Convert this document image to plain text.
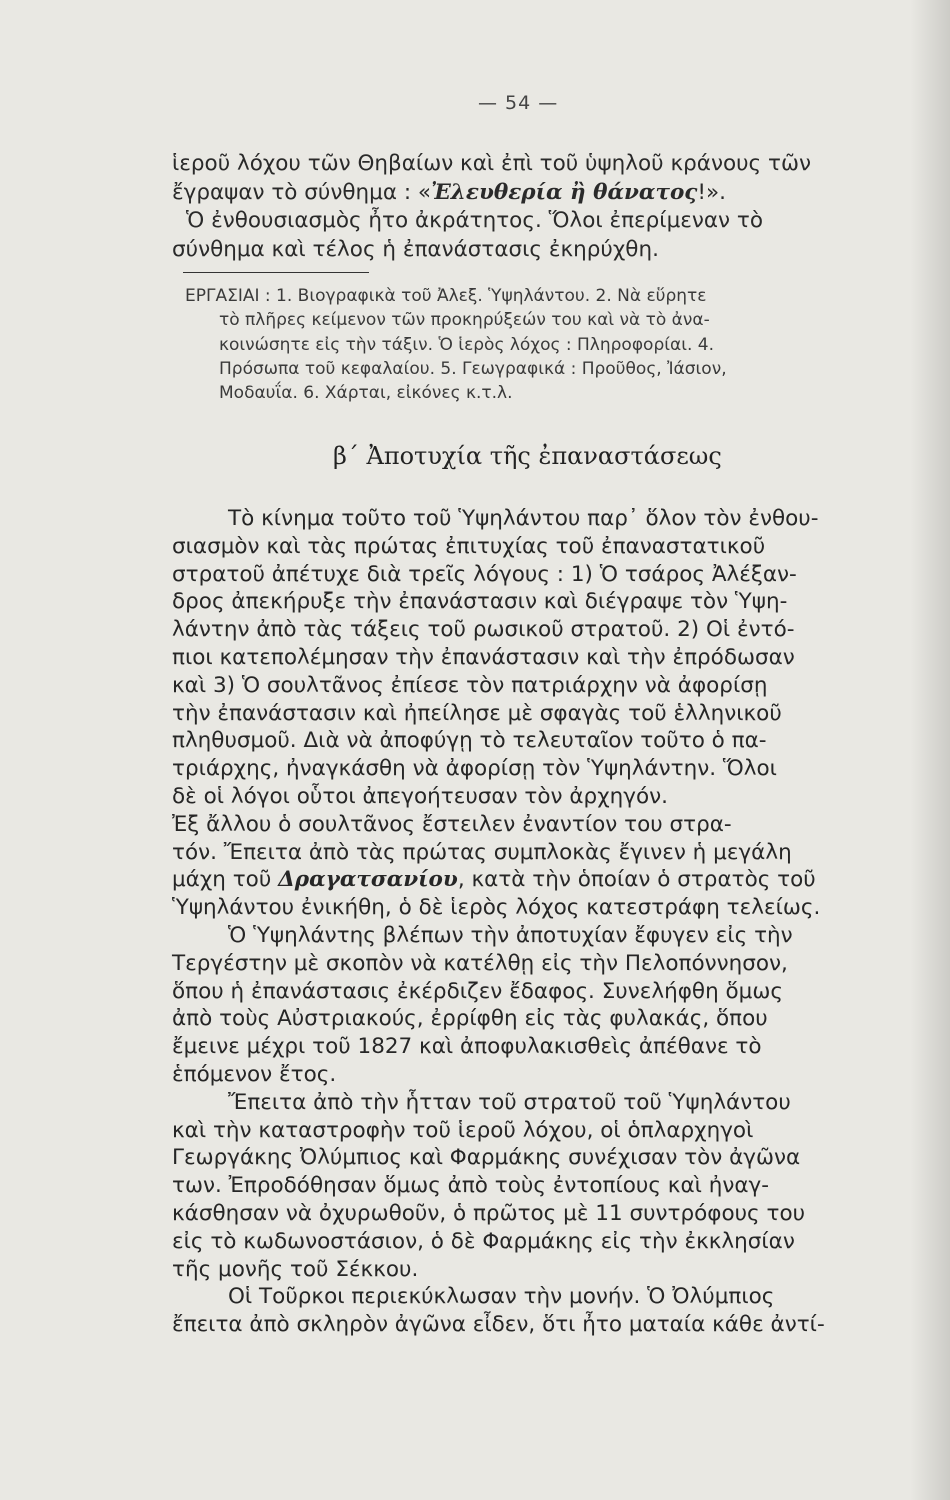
— 54 —

ἱεροῦ λόχου τῶν Θηβαίων καὶ ἐπὶ τοῦ ὑψηλοῦ κράνους τῶν
ἔγραψαν τὸ σύνθημα : «Ἐλευθερία ἢ θάνατος!».
Ὁ ἐνθουσιασμὸς ἦτο ἀκράτητος. Ὅλοι ἐπερίμεναν τὸ
σύνθημα καὶ τέλος ἡ ἐπανάστασις ἐκηρύχθη.

ΕΡΓΑΣΙΑΙ : 1. Βιογραφικὰ τοῦ Ἀλεξ. Ὑψηλάντου. 2. Νὰ εὕρητε
τὸ πλῆρες κείμενον τῶν προκηρύξεών του καὶ νὰ τὸ ἀνα-
κοινώσητε εἰς τὴν τάξιν. Ὁ ἱερὸς λόχος : Πληροφορίαι. 4.
Πρόσωπα τοῦ κεφαλαίου. 5. Γεωγραφικά : Προῦθος, Ἰάσιον,
Μοδαυΐα. 6. Χάρται, εἰκόνες κ.τ.λ.
β΄ Ἀποτυχία τῆς ἐπαναστάσεως
Τὸ κίνημα τοῦτο τοῦ Ὑψηλάντου παρ᾽ ὅλον τὸν ἐνθου-
σιασμὸν καὶ τὰς πρώτας ἐπιτυχίας τοῦ ἐπαναστατικοῦ
στρατοῦ ἀπέτυχε διὰ τρεῖς λόγους : 1) Ὁ τσάρος Ἀλέξαν-
δρος ἀπεκήρυξε τὴν ἐπανάστασιν καὶ διέγραψε τὸν Ὑψη-
λάντην ἀπὸ τὰς τάξεις τοῦ ρωσικοῦ στρατοῦ. 2) Οἱ ἐντό-
πιοι κατεπολέμησαν τὴν ἐπανάστασιν καὶ τὴν ἐπρόδωσαν
καὶ 3) Ὁ σουλτᾶνος ἐπίεσε τὸν πατριάρχην νὰ ἀφορίσῃ
τὴν ἐπανάστασιν καὶ ἠπείλησε μὲ σφαγὰς τοῦ ἑλληνικοῦ
πληθυσμοῦ. Διὰ νὰ ἀποφύγῃ τὸ τελευταῖον τοῦτο ὁ πα-
τριάρχης, ἠναγκάσθη νὰ ἀφορίσῃ τὸν Ὑψηλάντην. Ὅλοι
δὲ οἱ λόγοι οὗτοι ἀπεγοήτευσαν τὸν ἀρχηγόν.
Ἐξ ἄλλου ὁ σουλτᾶνος ἔστειλεν ἐναντίον του στρα-
τόν. Ἔπειτα ἀπὸ τὰς πρώτας συμπλοκὰς ἔγινεν ἡ μεγάλη
μάχη τοῦ Δραγατσανίου, κατὰ τὴν ὁποίαν ὁ στρατὸς τοῦ
Ὑψηλάντου ἐνικήθη, ὁ δὲ ἱερὸς λόχος κατεστράφη τελείως.
Ὁ Ὑψηλάντης βλέπων τὴν ἀποτυχίαν ἔφυγεν εἰς τὴν
Τεργέστην μὲ σκοπὸν νὰ κατέλθῃ εἰς τὴν Πελοπόννησον,
ὅπου ἡ ἐπανάστασις ἐκέρδιζεν ἔδαφος. Συνελήφθη ὅμως
ἀπὸ τοὺς Αὐστριακούς, ἐρρίφθη εἰς τὰς φυλακάς, ὅπου
ἔμεινε μέχρι τοῦ 1827 καὶ ἀποφυλακισθεὶς ἀπέθανε τὸ
ἑπόμενον ἔτος.
Ἔπειτα ἀπὸ τὴν ἧτταν τοῦ στρατοῦ τοῦ Ὑψηλάντου
καὶ τὴν καταστροφὴν τοῦ ἱεροῦ λόχου, οἱ ὁπλαρχηγοὶ
Γεωργάκης Ὀλύμπιος καὶ Φαρμάκης συνέχισαν τὸν ἀγῶνα
των. Ἐπροδόθησαν ὅμως ἀπὸ τοὺς ἐντοπίους καὶ ἠναγ-
κάσθησαν νὰ ὀχυρωθοῦν, ὁ πρῶτος μὲ 11 συντρόφους του
εἰς τὸ κωδωνοστάσιον, ὁ δὲ Φαρμάκης εἰς τὴν ἐκκλησίαν
τῆς μονῆς τοῦ Σέκκου.
Οἱ Τοῦρκοι περιεκύκλωσαν τὴν μονήν. Ὁ Ὀλύμπιος
ἔπειτα ἀπὸ σκληρὸν ἀγῶνα εἶδεν, ὅτι ἦτο ματαία κάθε ἀντί-
